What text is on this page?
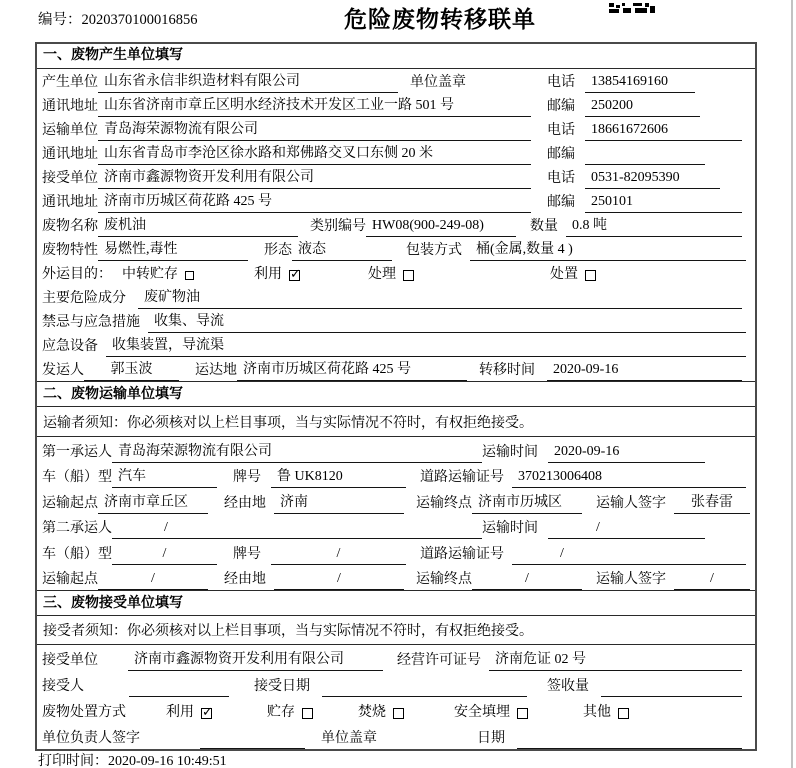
编号：2020370100016856	危险废物转移联单
一、废物产生单位填写
产生单位 山东省永信非织造材料有限公司	单位盖章	电话	13854169160
通讯地址 山东省济南市章丘区明水经济技术开发区工业一路 501 号	邮编	250200
运输单位 青岛海荣源物流有限公司	电话	18661672606
通讯地址 山东省青岛市李沧区徐水路和郑佛路交叉口东侧 20 米	邮编
接受单位 济南市鑫源物资开发利用有限公司	电话	0531-82095390
通讯地址 济南市历城区荷花路 425 号	邮编	250101
废物名称 废机油	类别编号 HW08(900-249-08)	数量	0.8 吨
废物特性 易燃性,毒性	形态 液态	包装方式	桶(金属,数量 4 )
外运目的： 中转贮存	利用 ✓	处理	处置
主要危险成分	废矿物油
禁忌与应急措施	收集、导流
应急设备	收集装置，导流渠
发运人	郭玉波	运达地 济南市历城区荷花路 425 号	转移时间	2020-09-16
二、废物运输单位填写
运输者须知：你必须核对以上栏目事项，当与实际情况不符时，有权拒绝接受。
第一承运人 青岛海荣源物流有限公司	运输时间	2020-09-16
车（船）型 汽车	牌号	鲁 UK8120	道路运输证号	370213006408
运输起点 济南市章丘区	经由地	济南	运输终点 济南市历城区	运输人签字	张春雷
第二承运人	/	运输时间	/
车（船）型	/	牌号	/	道路运输证号	/
运输起点	/	经由地	/	运输终点	/	运输人签字	/
三、废物接受单位填写
接受者须知：你必须核对以上栏目事项，当与实际情况不符时，有权拒绝接受。
接受单位	济南市鑫源物资开发利用有限公司	经营许可证号	济南危证 02 号
接受人	接受日期	签收量
废物处置方式	利用 ✓	贮存	焚烧	安全填埋	其他
单位负责人签字	单位盖章	日期
打印时间：2020-09-16 10:49:51
